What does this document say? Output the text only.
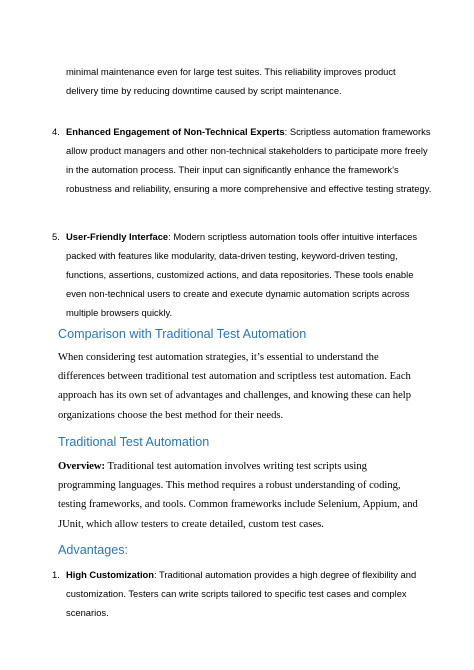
minimal maintenance even for large test suites. This reliability improves product delivery time by reducing downtime caused by script maintenance.
4. Enhanced Engagement of Non-Technical Experts: Scriptless automation frameworks allow product managers and other non-technical stakeholders to participate more freely in the automation process. Their input can significantly enhance the framework’s robustness and reliability, ensuring a more comprehensive and effective testing strategy.
5. User-Friendly Interface: Modern scriptless automation tools offer intuitive interfaces packed with features like modularity, data-driven testing, keyword-driven testing, functions, assertions, customized actions, and data repositories. These tools enable even non-technical users to create and execute dynamic automation scripts across multiple browsers quickly.
Comparison with Traditional Test Automation
When considering test automation strategies, it’s essential to understand the differences between traditional test automation and scriptless test automation. Each approach has its own set of advantages and challenges, and knowing these can help organizations choose the best method for their needs.
Traditional Test Automation
Overview: Traditional test automation involves writing test scripts using programming languages. This method requires a robust understanding of coding, testing frameworks, and tools. Common frameworks include Selenium, Appium, and JUnit, which allow testers to create detailed, custom test cases.
Advantages:
1. High Customization: Traditional automation provides a high degree of flexibility and customization. Testers can write scripts tailored to specific test cases and complex scenarios.
